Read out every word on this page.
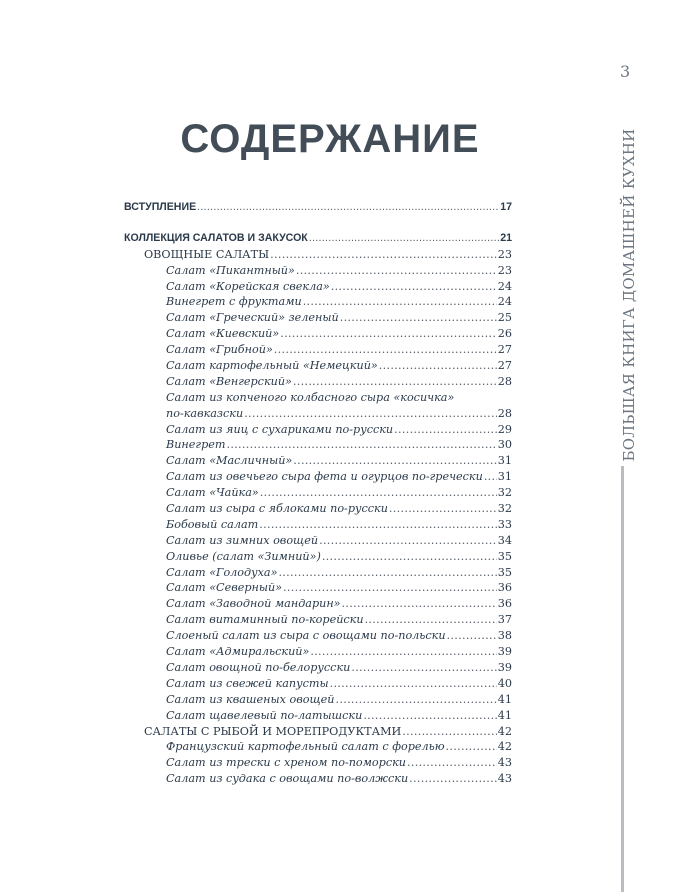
3
БОЛЬШАЯ КНИГА ДОМАШНЕЙ КУХНИ
СОДЕРЖАНИЕ
ВСТУПЛЕНИЕ .....	17
КОЛЛЕКЦИЯ САЛАТОВ И ЗАКУСОК .....	21
ОВОЩНЫЕ САЛАТЫ .....	23
Салат «Пикантный» .....	23
Салат «Корейская свекла» .....	24
Винегрет с фруктами .....	24
Салат «Греческий» зеленый .....	25
Салат «Киевский» .....	26
Салат «Грибной» .....	27
Салат картофельный «Немецкий» .....	27
Салат «Венгерский» .....	28
Салат из копченого колбасного сыра «косичка»
по-кавказски .....	28
Салат из яиц с сухариками по-русски .....	29
Винегрет .....	30
Салат «Масличный» .....	31
Салат из овечьего сыра фета и огурцов по-гречески ..... 31
Салат «Чайка» .....	32
Салат из сыра с яблоками по-русски .....	32
Бобовый салат .....	33
Салат из зимних овощей .....	34
Оливье (салат «Зимний») .....	35
Салат «Голодуха» .....	35
Салат «Северный» .....	36
Салат «Заводной мандарин» .....	36
Салат витаминный по-корейски .....	37
Слоеный салат из сыра с овощами по-польски .....	38
Салат «Адмиральский» .....	39
Салат овощной по-белорусски .....	39
Салат из свежей капусты .....	40
Салат из квашеных овощей .....	41
Салат щавелевый по-латышски .....	41
САЛАТЫ С РЫБОЙ И МОРЕПРОДУКТАМИ .....	42
Французский картофельный салат с форелью .....	42
Салат из трески с хреном по-поморски .....	43
Салат из судака с овощами по-волжски .....	43
